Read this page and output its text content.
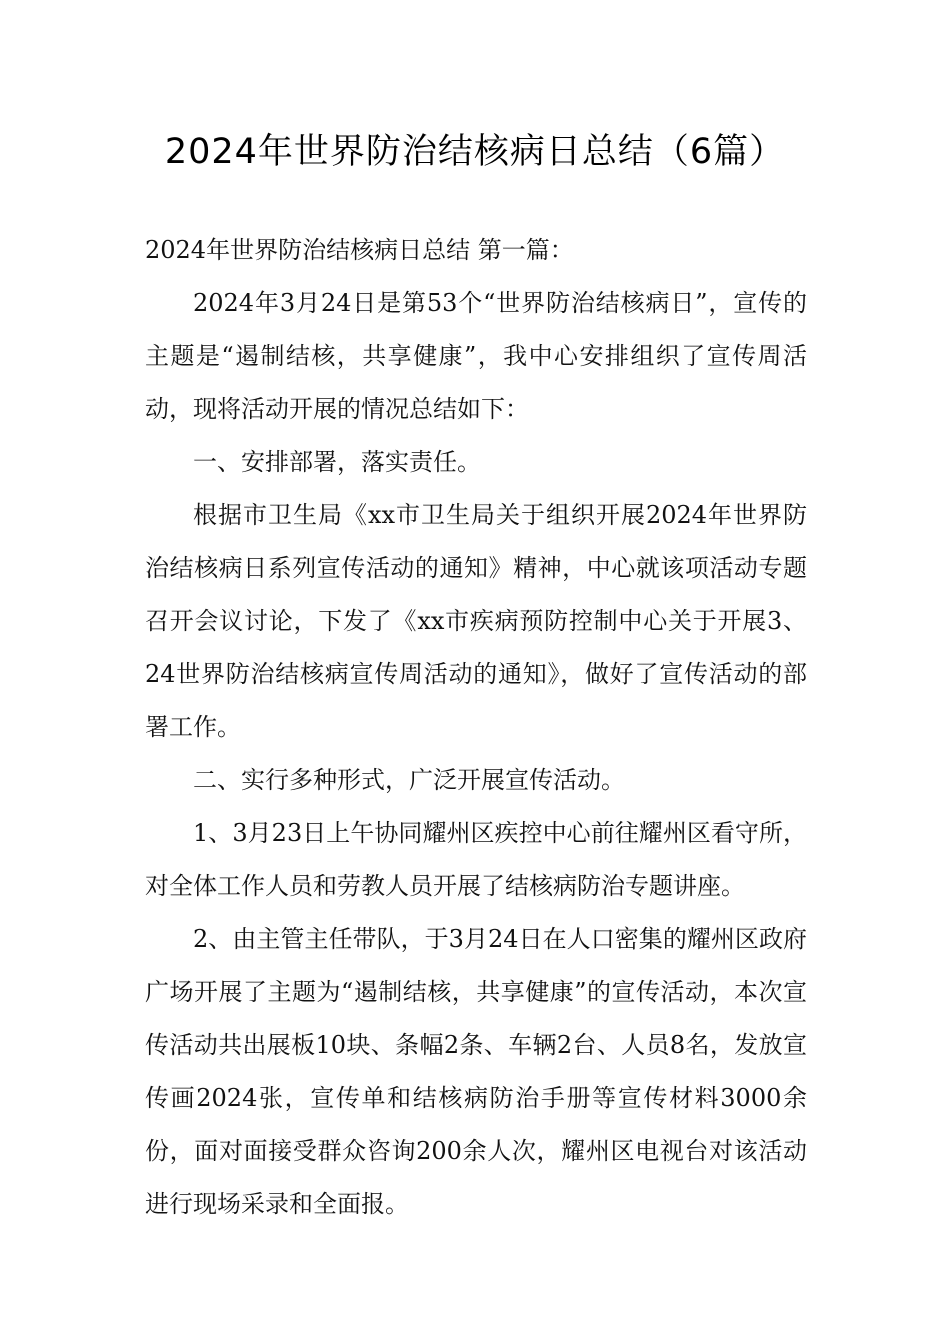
2024年世界防治结核病日总结（6篇）

2024年世界防治结核病日总结 第一篇：

2024年3月24日是第53个“世界防治结核病日”，宣传的主题是“遏制结核，共享健康”，我中心安排组织了宣传周活动，现将活动开展的情况总结如下：

一、安排部署，落实责任。

根据市卫生局《xx市卫生局关于组织开展2024年世界防治结核病日系列宣传活动的通知》精神，中心就该项活动专题召开会议讨论，下发了《xx市疾病预防控制中心关于开展3、24世界防治结核病宣传周活动的通知》，做好了宣传活动的部署工作。

二、实行多种形式，广泛开展宣传活动。

1、3月23日上午协同耀州区疾控中心前往耀州区看守所，对全体工作人员和劳教人员开展了结核病防治专题讲座。

2、由主管主任带队，于3月24日在人口密集的耀州区政府广场开展了主题为“遏制结核，共享健康”的宣传活动，本次宣传活动共出展板10块、条幅2条、车辆2台、人员8名，发放宣传画2024张，宣传单和结核病防治手册等宣传材料3000余份，面对面接受群众咨询200余人次，耀州区电视台对该活动进行现场采录和全面报。
